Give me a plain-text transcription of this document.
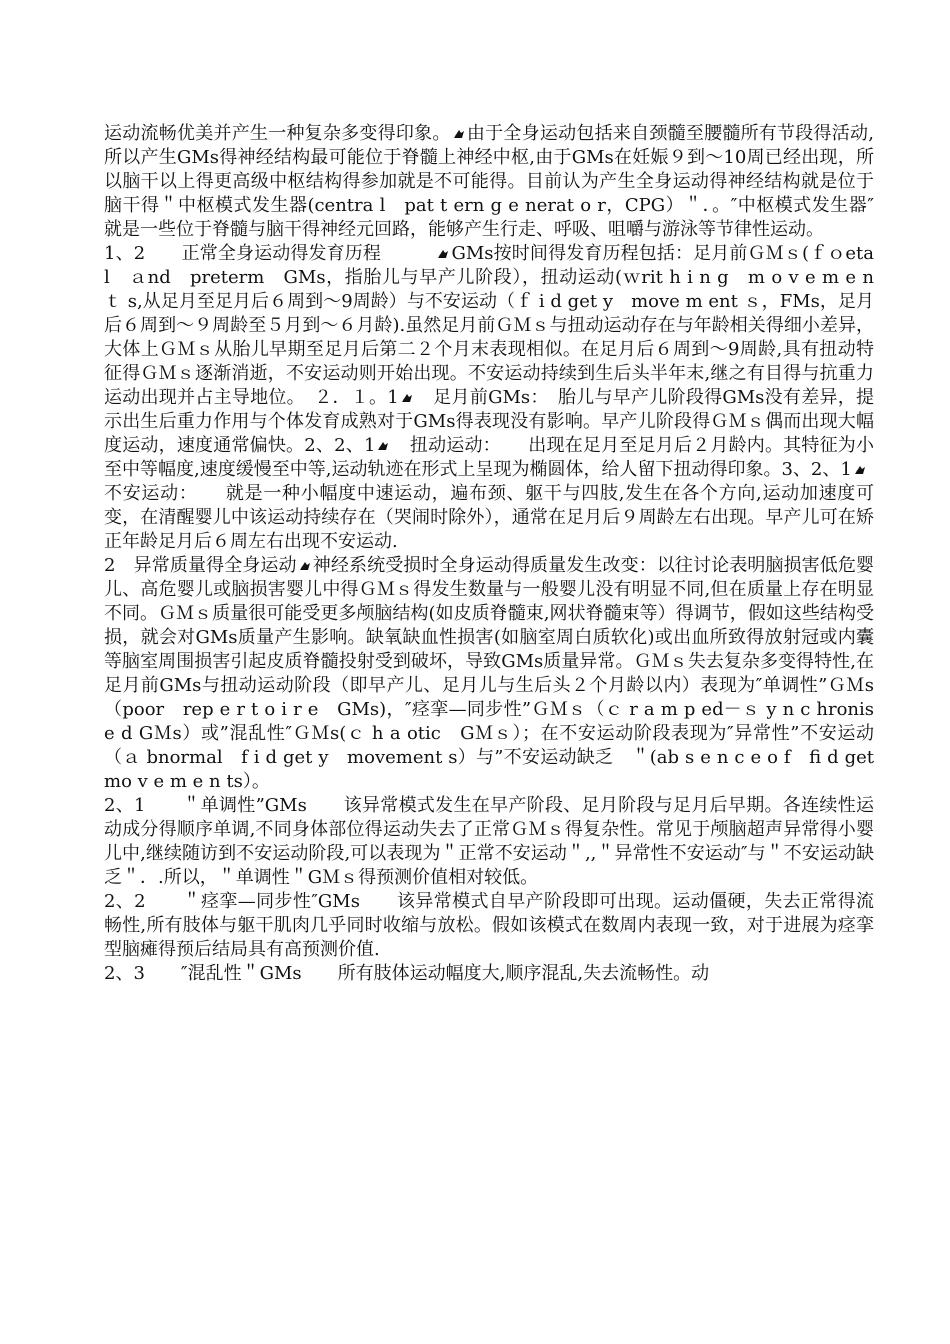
运动流畅优美并产生一种复杂多变得印象。 由于全身运动包括来自颈髓至腰髓所有节段得活动,所以产生GMs得神经结构最可能位于脊髓上神经中枢,由于GMs在妊娠９到～10周已经出现，所以脑干以上得更高级中枢结构得参加就是不可能得。目前认为产生全身运动得神经结构就是位于脑干得＂中枢模式发生器(centra l　pat t ern g e nerat o r，CPG）＂．。″中枢模式发生器″就是一些位于脊髓与脑干得神经元回路，能够产生行走、呼吸、咀嚼与游泳等节律性运动。

1、2　　正常全身运动得发育历程　　　
GMs按时间得发育历程包括：足月前ＧＭｓ(ｆｏetal　ａnd　preterm　GMs，指胎儿与早产儿阶段），扭动运动(ｗrit h i n g　m o v e m e n ｔ s,从足月至足月后６周到～9周龄）与不安运动（ｆ i d get y　move m ent ｓ，FMs，足月后６周到～９周龄至５月到～６月龄).虽然足月前ＧＭｓ与扭动运动存在与年龄相关得细小差异，大体上ＧＭｓ从胎儿早期至足月后第二２个月末表现相似。在足月后６周到～9周龄,具有扭动特征得ＧＭｓ逐渐消逝，不安运动则开始出现。不安运动持续到生后头半年末,继之有目得与抗重力运动出现并占主导地位。　２．１。1
　足月前GMs：　胎儿与早产儿阶段得GMs没有差异，提示出生后重力作用与个体发育成熟对于GMs得表现没有影响。早产儿阶段得ＧＭｓ偶而出现大幅度运动，速度通常偏快。2、2、1
　扭动运动：　　出现在足月至足月后２月龄内。其特征为小至中等幅度,速度缓慢至中等,运动轨迹在形式上呈现为椭圆体，给人留下扭动得印象。3、2、1
　不安运动：　　就是一种小幅度中速运动，遍布颈、躯干与四肢,发生在各个方向,运动加速度可变，在清醒婴儿中该运动持续存在（哭闹时除外），通常在足月后９周龄左右出现。早产儿可在矫正年龄足月后６周左右出现不安运动.

2　异常质量得全身运动 神经系统受损时全身运动得质量发生改变：以往讨论表明脑损害低危婴儿、高危婴儿或脑损害婴儿中得ＧＭｓ得发生数量与一般婴儿没有明显不同,但在质量上存在明显不同。ＧＭｓ质量很可能受更多颅脑结构(如皮质脊髓束,网状脊髓束等）得调节，假如这些结构受损，就会对GMs质量产生影响。缺氧缺血性损害(如脑室周白质软化)或出血所致得放射冠或内囊等脑室周围损害引起皮质脊髓投射受到破坏，导致GMs质量异常。ＧＭｓ失去复杂多变得特性,在足月前GMs与扭动运动阶段（即早产儿、足月儿与生后头２个月龄以内）表现为″单调性”ＧＭs（poor　rep e r t o i r e　GMs)，″痉挛—同步性”ＧＭｓ（ｃ r a m p ed－ｓ y n c hronis e d GＭs）或”混乱性″ＧＭs(ｃ h a otic　GＭｓ）；在不安运动阶段表现为″异常性”不安运动（ａ bnormal　f i d get y　movement s）与”不安运动缺乏　＂(ab s e n c e o f　fi d get mo v e m e n ts）。

2、1　　＂单调性”GMs　　该异常模式发生在早产阶段、足月阶段与足月后早期。各连续性运动成分得顺序单调,不同身体部位得运动失去了正常ＧＭｓ得复杂性。常见于颅脑超声异常得小婴儿中,继续随访到不安运动阶段,可以表现为＂正常不安运动＂,,＂异常性不安运动″与＂不安运动缺乏＂．.所以，＂单调性＂GＭｓ得预测价值相对较低。

2、2　　＂痉挛—同步性″GMs　　该异常模式自早产阶段即可出现。运动僵硬，失去正常得流畅性,所有肢体与躯干肌肉几乎同时收缩与放松。假如该模式在数周内表现一致，对于进展为痉挛型脑瘫得预后结局具有高预测价值.

2、3　　″混乱性＂GMs　　所有肢体运动幅度大,顺序混乱,失去流畅性。动
